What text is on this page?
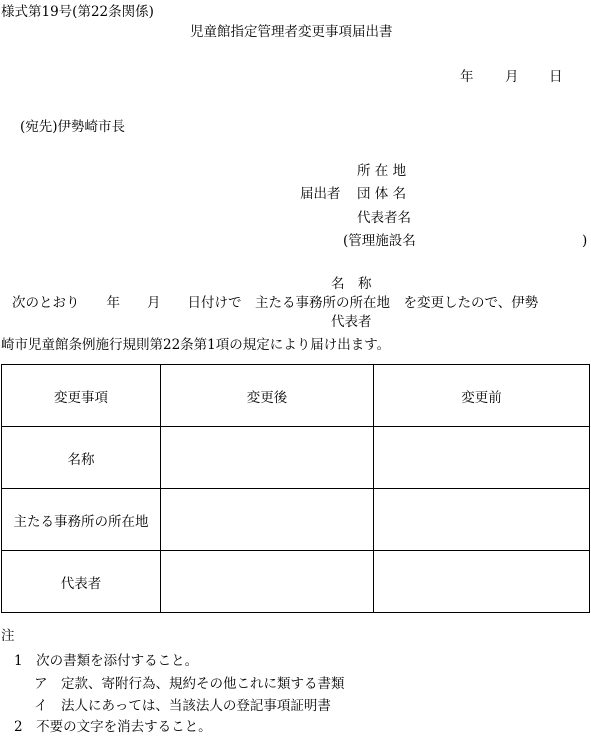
様式第19号(第22条関係)
児童館指定管理者変更事項届出書
年 月 日
(宛先)伊勢崎市長
所 在 地
届出者 団 体 名
代表者名
(管理施設名	)
名　称
次のとおり　　年　　月　　日付けで　主たる事務所の所在地　を変更したので、伊勢
代表者
崎市児童館条例施行規則第22条第1項の規定により届け出ます。
変更事項	変更後	変更前
名称		
主たる事務所の所在地		
代表者		
注
1　次の書類を添付すること。
ア　定款、寄附行為、規約その他これに類する書類
イ　法人にあっては、当該法人の登記事項証明書
2　不要の文字を消去すること。
